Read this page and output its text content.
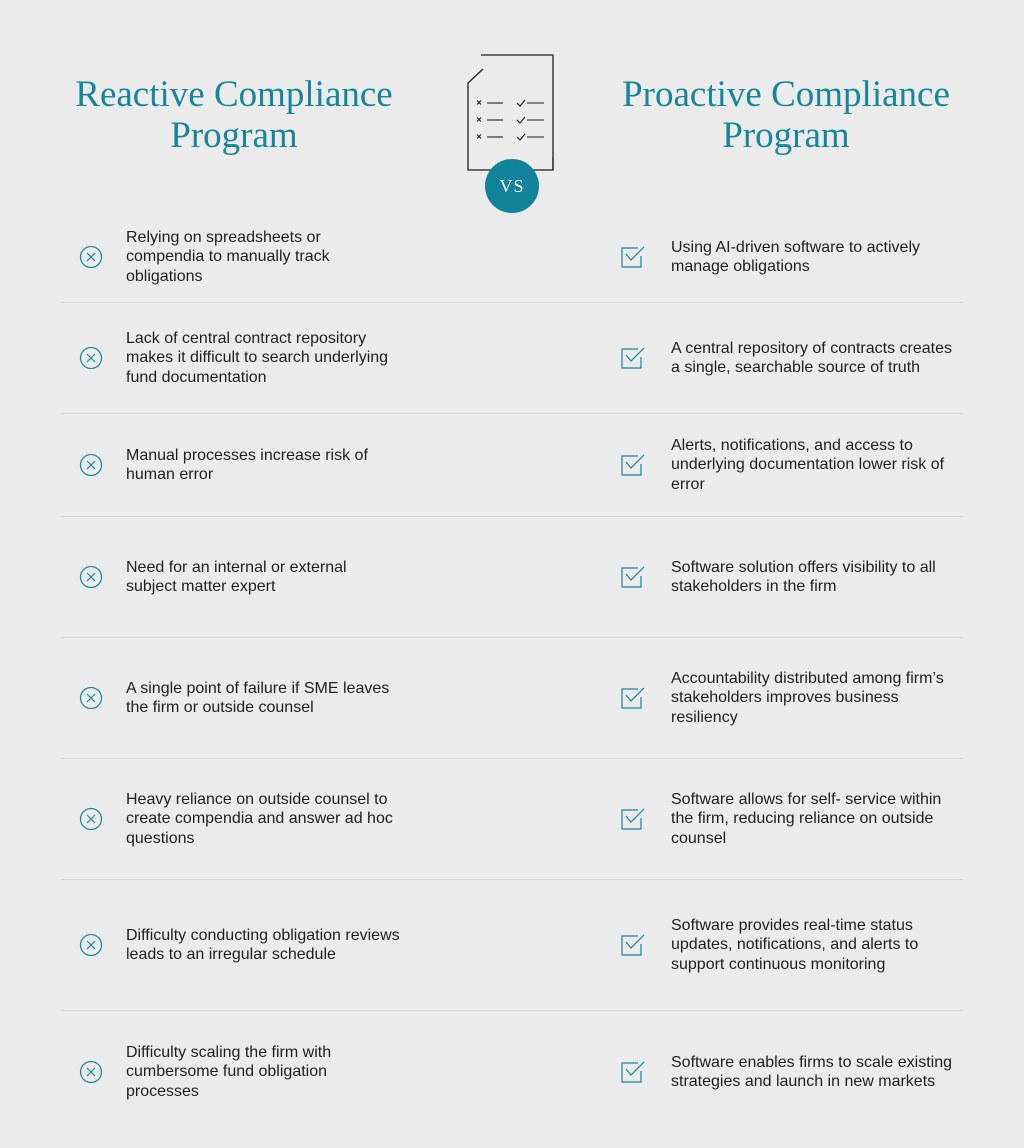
Reactive Compliance
Program
VS
Proactive Compliance
Program
Relying on spreadsheets or compendia to manually track obligations
Using AI-driven software to actively manage obligations
Lack of central contract repository makes it difficult to search underlying fund documentation
A central repository of contracts creates a single, searchable source of truth
Manual processes increase risk of human error
Alerts, notifications, and access to underlying documentation lower risk of error
Need for an internal or external subject matter expert
Software solution offers visibility to all stakeholders in the firm
A single point of failure if SME leaves the firm or outside counsel
Accountability distributed among firm’s stakeholders improves business resiliency
Heavy reliance on outside counsel to create compendia and answer ad hoc questions
Software allows for self- service within the firm, reducing reliance on outside counsel
Difficulty conducting obligation reviews leads to an irregular schedule
Software provides real-time status updates, notifications, and alerts to support continuous monitoring
Difficulty scaling the firm with cumbersome fund obligation processes
Software enables firms to scale existing strategies and launch in new markets
